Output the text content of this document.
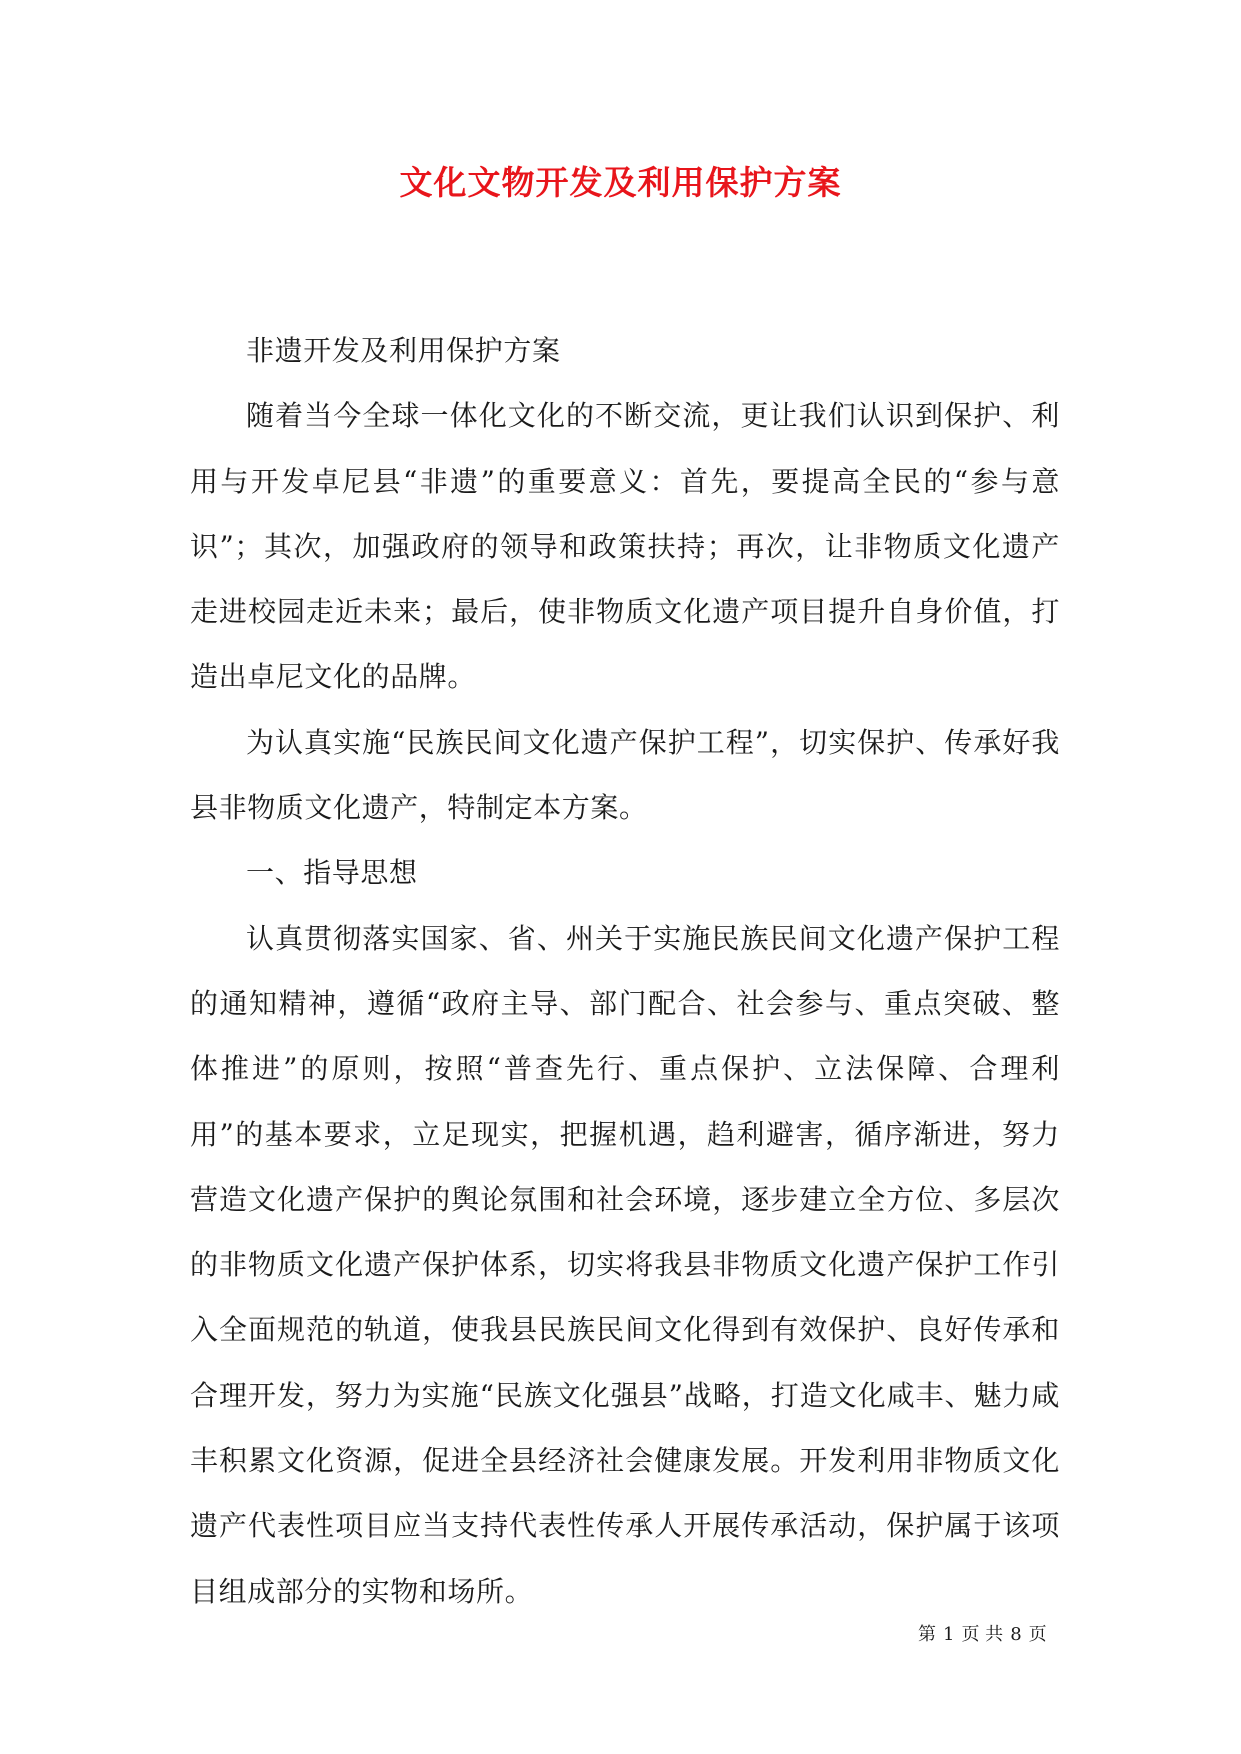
文化文物开发及利用保护方案

非遗开发及利用保护方案

随着当今全球一体化文化的不断交流，更让我们认识到保护、利用与开发卓尼县“非遗”的重要意义：首先，要提高全民的“参与意识”；其次，加强政府的领导和政策扶持；再次，让非物质文化遗产走进校园走近未来；最后，使非物质文化遗产项目提升自身价值，打造出卓尼文化的品牌。

为认真实施“民族民间文化遗产保护工程”，切实保护、传承好我县非物质文化遗产，特制定本方案。

一、指导思想

认真贯彻落实国家、省、州关于实施民族民间文化遗产保护工程的通知精神，遵循“政府主导、部门配合、社会参与、重点突破、整体推进”的原则，按照“普查先行、重点保护、立法保障、合理利用”的基本要求，立足现实，把握机遇，趋利避害，循序渐进，努力营造文化遗产保护的舆论氛围和社会环境，逐步建立全方位、多层次的非物质文化遗产保护体系，切实将我县非物质文化遗产保护工作引入全面规范的轨道，使我县民族民间文化得到有效保护、良好传承和合理开发，努力为实施“民族文化强县”战略，打造文化咸丰、魅力咸丰积累文化资源，促进全县经济社会健康发展。开发利用非物质文化遗产代表性项目应当支持代表性传承人开展传承活动，保护属于该项目组成部分的实物和场所。

第 1 页 共 8 页
